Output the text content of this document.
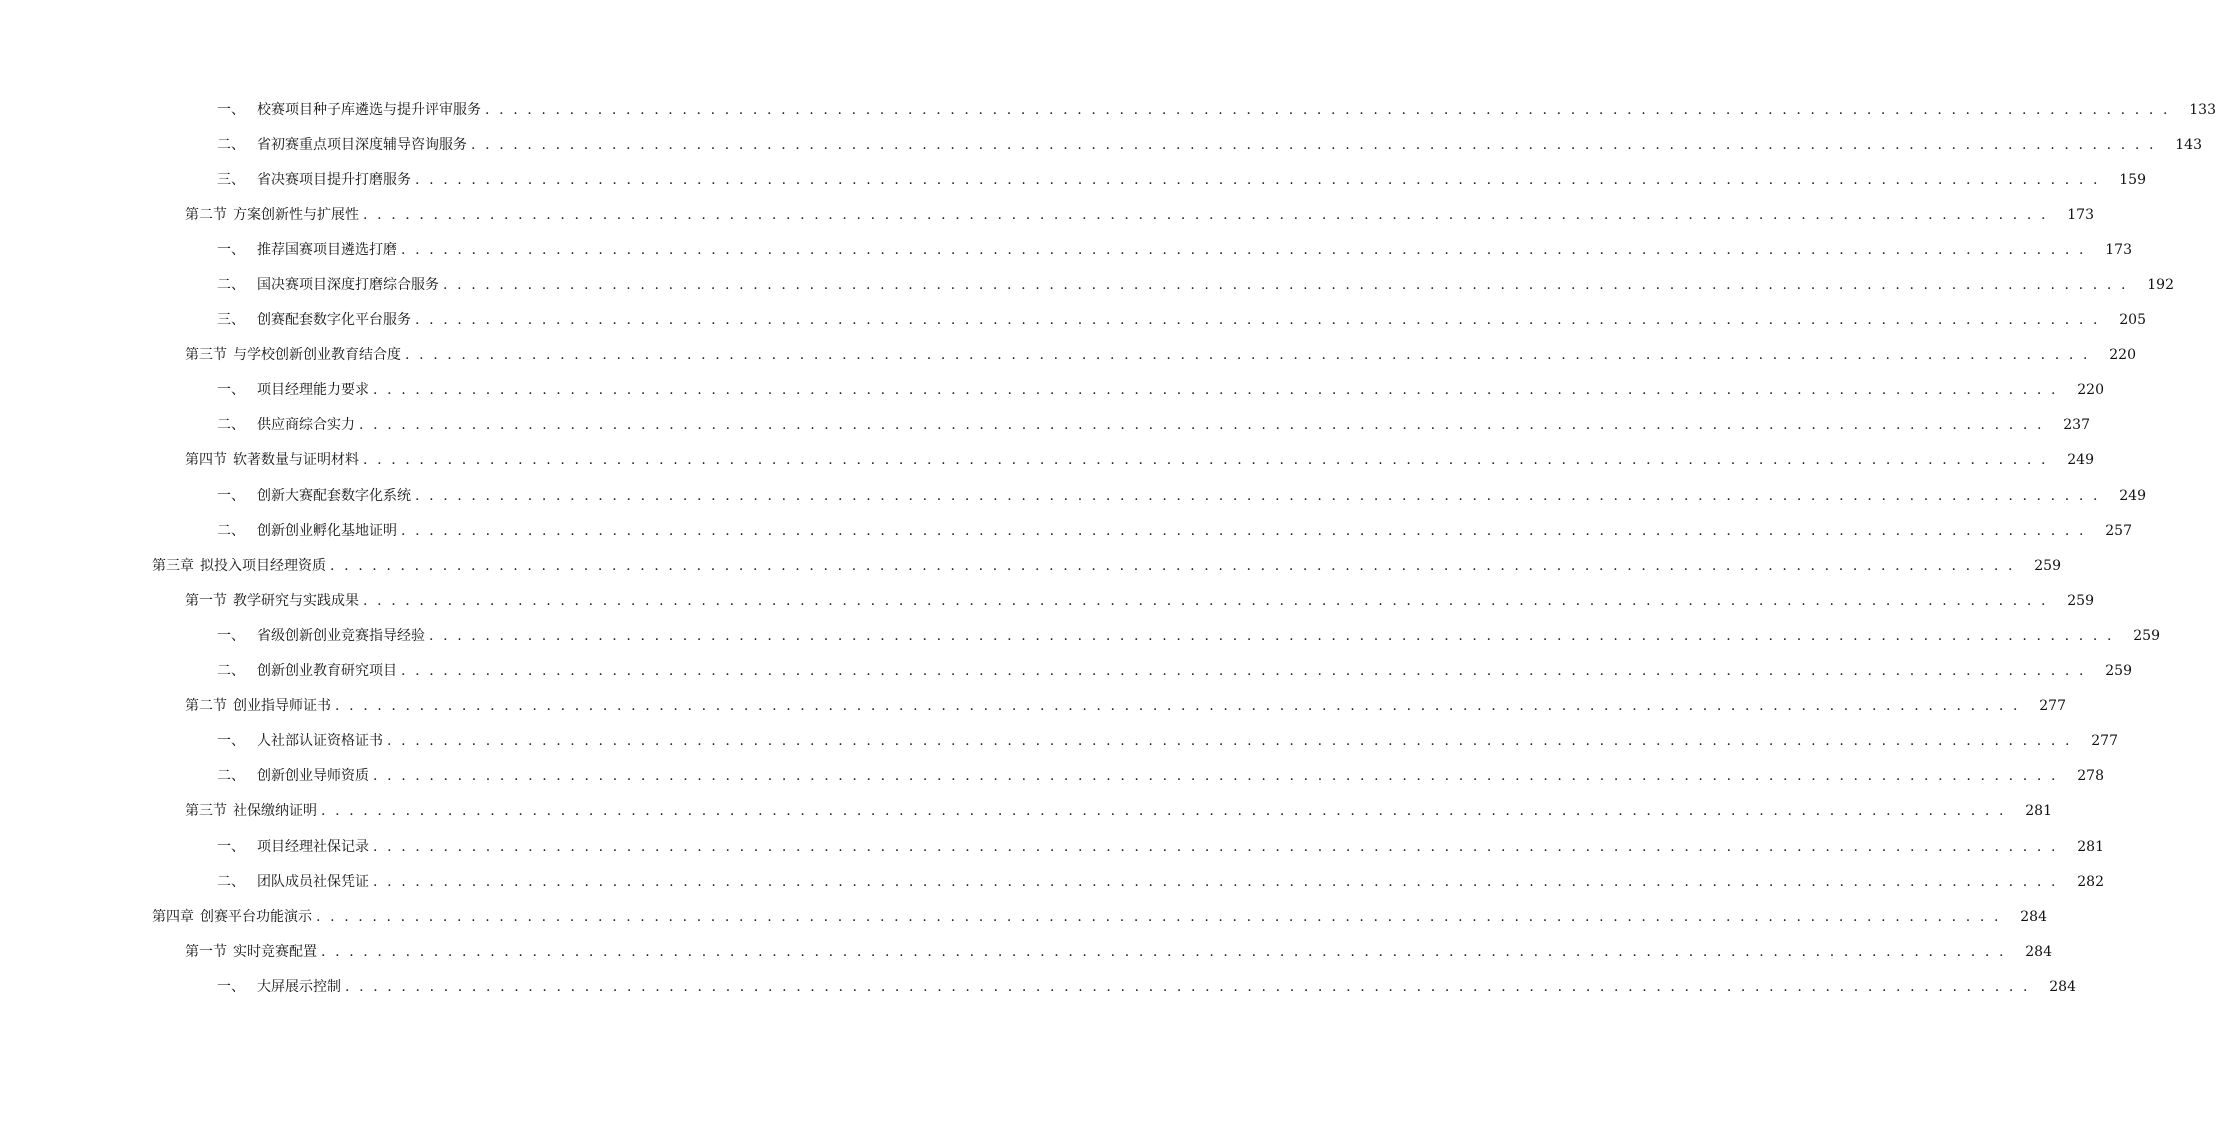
一、 校赛项目种子库遴选与提升评审服务 . . . . . . . . . . . . . . . . . . . . . . . . . . . . . . . . . . . . . . . . . . . . . . . . . . . . . . . . . . . . . . . . . . . . . . . . . . . . . . . . . . . . . . . . . . . . . . . . . . . . . . . . . . . . . . . . . . . . . . . .	133
二、 省初赛重点项目深度辅导咨询服务 . . . . . . . . . . . . . . . . . . . . . . . . . . . . . . . . . . . . . . . . . . . . . . . . . . . . . . . . . . . . . . . . . . . . . . . . . . . . . . . . . . . . . . . . . . . . . . . . . . . . . . . . . . . . . . . . . . . . . . . .	143
三、 省决赛项目提升打磨服务 . . . . . . . . . . . . . . . . . . . . . . . . . . . . . . . . . . . . . . . . . . . . . . . . . . . . . . . . . . . . . . . . . . . . . . . . . . . . . . . . . . . . . . . . . . . . . . . . . . . . . . . . . . . . . . . . . . . . . . . .	159
第二节 方案创新性与扩展性 . . . . . . . . . . . . . . . . . . . . . . . . . . . . . . . . . . . . . . . . . . . . . . . . . . . . . . . . . . . . . . . . . . . . . . . . . . . . . . . . . . . . . . . . . . . . . . . . . . . . . . . . . . . . . . . . . . . . . . . .	173
一、 推荐国赛项目遴选打磨 . . . . . . . . . . . . . . . . . . . . . . . . . . . . . . . . . . . . . . . . . . . . . . . . . . . . . . . . . . . . . . . . . . . . . . . . . . . . . . . . . . . . . . . . . . . . . . . . . . . . . . . . . . . . . . . . . . . . . . . .	173
二、 国决赛项目深度打磨综合服务 . . . . . . . . . . . . . . . . . . . . . . . . . . . . . . . . . . . . . . . . . . . . . . . . . . . . . . . . . . . . . . . . . . . . . . . . . . . . . . . . . . . . . . . . . . . . . . . . . . . . . . . . . . . . . . . . . . . . . . . .	192
三、 创赛配套数字化平台服务 . . . . . . . . . . . . . . . . . . . . . . . . . . . . . . . . . . . . . . . . . . . . . . . . . . . . . . . . . . . . . . . . . . . . . . . . . . . . . . . . . . . . . . . . . . . . . . . . . . . . . . . . . . . . . . . . . . . . . . . .	205
第三节 与学校创新创业教育结合度 . . . . . . . . . . . . . . . . . . . . . . . . . . . . . . . . . . . . . . . . . . . . . . . . . . . . . . . . . . . . . . . . . . . . . . . . . . . . . . . . . . . . . . . . . . . . . . . . . . . . . . . . . . . . . . . . . . . . . . . .	220
一、 项目经理能力要求 . . . . . . . . . . . . . . . . . . . . . . . . . . . . . . . . . . . . . . . . . . . . . . . . . . . . . . . . . . . . . . . . . . . . . . . . . . . . . . . . . . . . . . . . . . . . . . . . . . . . . . . . . . . . . . . . . . . . . . . .	220
二、 供应商综合实力 . . . . . . . . . . . . . . . . . . . . . . . . . . . . . . . . . . . . . . . . . . . . . . . . . . . . . . . . . . . . . . . . . . . . . . . . . . . . . . . . . . . . . . . . . . . . . . . . . . . . . . . . . . . . . . . . . . . . . . . .	237
第四节 软著数量与证明材料 . . . . . . . . . . . . . . . . . . . . . . . . . . . . . . . . . . . . . . . . . . . . . . . . . . . . . . . . . . . . . . . . . . . . . . . . . . . . . . . . . . . . . . . . . . . . . . . . . . . . . . . . . . . . . . . . . . . . . . . .	249
一、 创新大赛配套数字化系统 . . . . . . . . . . . . . . . . . . . . . . . . . . . . . . . . . . . . . . . . . . . . . . . . . . . . . . . . . . . . . . . . . . . . . . . . . . . . . . . . . . . . . . . . . . . . . . . . . . . . . . . . . . . . . . . . . . . . . . . .	249
二、 创新创业孵化基地证明 . . . . . . . . . . . . . . . . . . . . . . . . . . . . . . . . . . . . . . . . . . . . . . . . . . . . . . . . . . . . . . . . . . . . . . . . . . . . . . . . . . . . . . . . . . . . . . . . . . . . . . . . . . . . . . . . . . . . . . . .	257
第三章 拟投入项目经理资质 . . . . . . . . . . . . . . . . . . . . . . . . . . . . . . . . . . . . . . . . . . . . . . . . . . . . . . . . . . . . . . . . . . . . . . . . . . . . . . . . . . . . . . . . . . . . . . . . . . . . . . . . . . . . . . . . . . . . . . . .	259
第一节 教学研究与实践成果 . . . . . . . . . . . . . . . . . . . . . . . . . . . . . . . . . . . . . . . . . . . . . . . . . . . . . . . . . . . . . . . . . . . . . . . . . . . . . . . . . . . . . . . . . . . . . . . . . . . . . . . . . . . . . . . . . . . . . . . .	259
一、 省级创新创业竞赛指导经验 . . . . . . . . . . . . . . . . . . . . . . . . . . . . . . . . . . . . . . . . . . . . . . . . . . . . . . . . . . . . . . . . . . . . . . . . . . . . . . . . . . . . . . . . . . . . . . . . . . . . . . . . . . . . . . . . . . . . . . . .	259
二、 创新创业教育研究项目 . . . . . . . . . . . . . . . . . . . . . . . . . . . . . . . . . . . . . . . . . . . . . . . . . . . . . . . . . . . . . . . . . . . . . . . . . . . . . . . . . . . . . . . . . . . . . . . . . . . . . . . . . . . . . . . . . . . . . . . .	259
第二节 创业指导师证书 . . . . . . . . . . . . . . . . . . . . . . . . . . . . . . . . . . . . . . . . . . . . . . . . . . . . . . . . . . . . . . . . . . . . . . . . . . . . . . . . . . . . . . . . . . . . . . . . . . . . . . . . . . . . . . . . . . . . . . . .	277
一、 人社部认证资格证书 . . . . . . . . . . . . . . . . . . . . . . . . . . . . . . . . . . . . . . . . . . . . . . . . . . . . . . . . . . . . . . . . . . . . . . . . . . . . . . . . . . . . . . . . . . . . . . . . . . . . . . . . . . . . . . . . . . . . . . . .	277
二、 创新创业导师资质 . . . . . . . . . . . . . . . . . . . . . . . . . . . . . . . . . . . . . . . . . . . . . . . . . . . . . . . . . . . . . . . . . . . . . . . . . . . . . . . . . . . . . . . . . . . . . . . . . . . . . . . . . . . . . . . . . . . . . . . .	278
第三节 社保缴纳证明 . . . . . . . . . . . . . . . . . . . . . . . . . . . . . . . . . . . . . . . . . . . . . . . . . . . . . . . . . . . . . . . . . . . . . . . . . . . . . . . . . . . . . . . . . . . . . . . . . . . . . . . . . . . . . . . . . . . . . . . .	281
一、 项目经理社保记录 . . . . . . . . . . . . . . . . . . . . . . . . . . . . . . . . . . . . . . . . . . . . . . . . . . . . . . . . . . . . . . . . . . . . . . . . . . . . . . . . . . . . . . . . . . . . . . . . . . . . . . . . . . . . . . . . . . . . . . . .	281
二、 团队成员社保凭证 . . . . . . . . . . . . . . . . . . . . . . . . . . . . . . . . . . . . . . . . . . . . . . . . . . . . . . . . . . . . . . . . . . . . . . . . . . . . . . . . . . . . . . . . . . . . . . . . . . . . . . . . . . . . . . . . . . . . . . . .	282
第四章 创赛平台功能演示 . . . . . . . . . . . . . . . . . . . . . . . . . . . . . . . . . . . . . . . . . . . . . . . . . . . . . . . . . . . . . . . . . . . . . . . . . . . . . . . . . . . . . . . . . . . . . . . . . . . . . . . . . . . . . . . . . . . . . . . .	284
第一节 实时竞赛配置 . . . . . . . . . . . . . . . . . . . . . . . . . . . . . . . . . . . . . . . . . . . . . . . . . . . . . . . . . . . . . . . . . . . . . . . . . . . . . . . . . . . . . . . . . . . . . . . . . . . . . . . . . . . . . . . . . . . . . . . .	284
一、 大屏展示控制 . . . . . . . . . . . . . . . . . . . . . . . . . . . . . . . . . . . . . . . . . . . . . . . . . . . . . . . . . . . . . . . . . . . . . . . . . . . . . . . . . . . . . . . . . . . . . . . . . . . . . . . . . . . . . . . . . . . . . . . .	284
